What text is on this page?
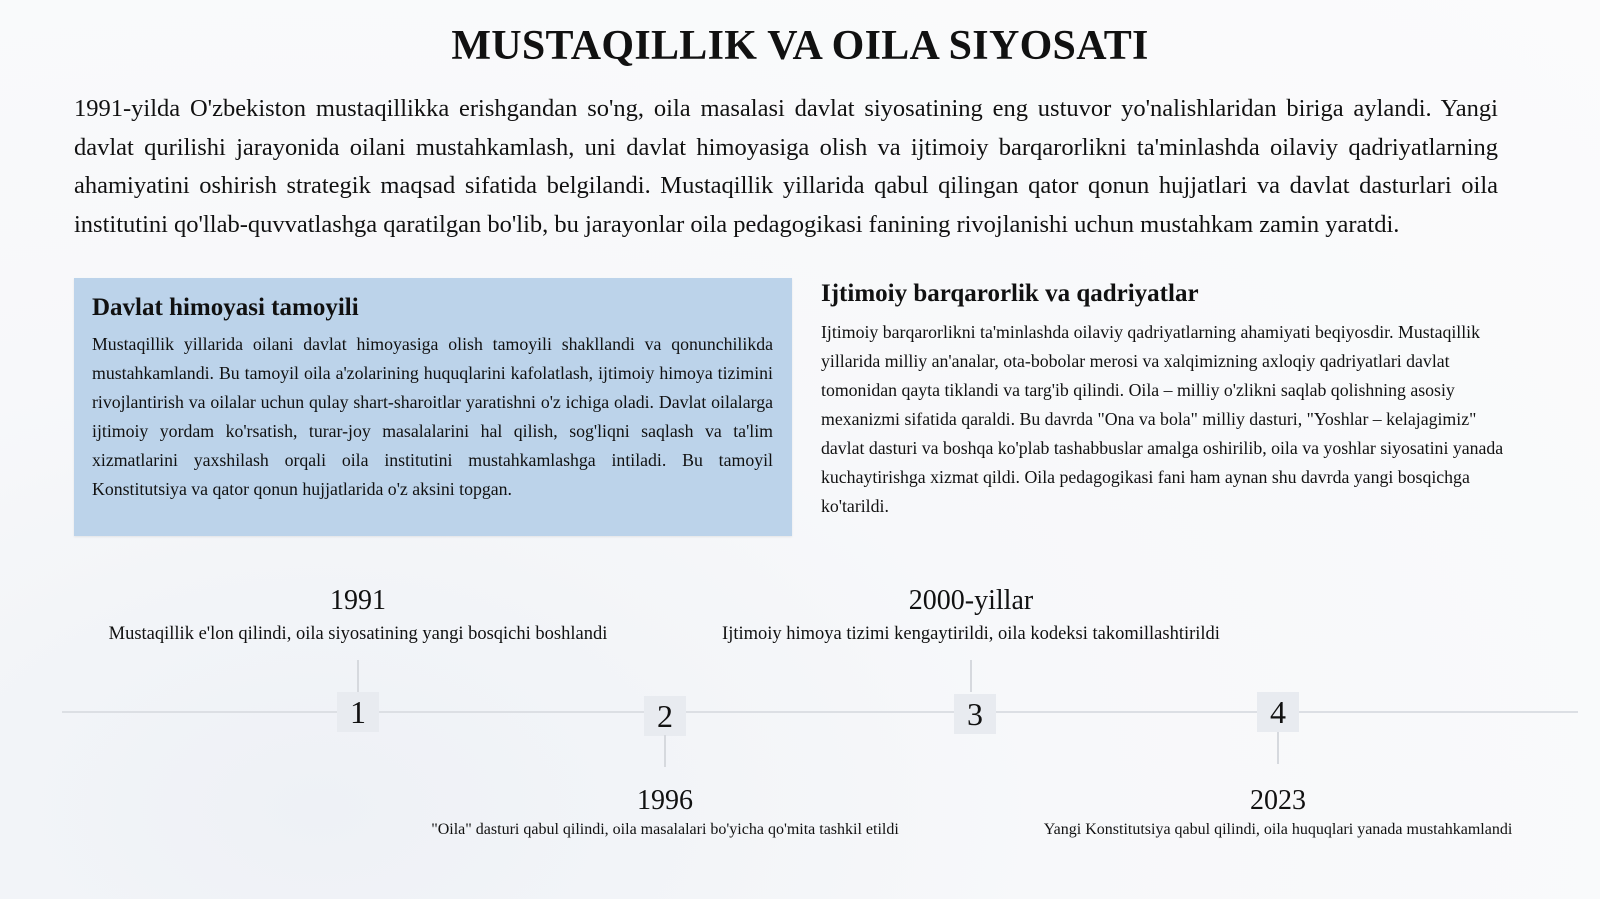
MUSTAQILLIK VA OILA SIYOSATI

1991-yilda O'zbekiston mustaqillikka erishgandan so'ng, oila masalasi davlat siyosatining eng ustuvor yo'nalishlaridan biriga aylandi. Yangi davlat qurilishi jarayonida oilani mustahkamlash, uni davlat himoyasiga olish va ijtimoiy barqarorlikni ta'minlashda oilaviy qadriyatlarning ahamiyatini oshirish strategik maqsad sifatida belgilandi. Mustaqillik yillarida qabul qilingan qator qonun hujjatlari va davlat dasturlari oila institutini qo'llab-quvvatlashga qaratilgan bo'lib, bu jarayonlar oila pedagogikasi fanining rivojlanishi uchun mustahkam zamin yaratdi.

Davlat himoyasi tamoyili

Mustaqillik yillarida oilani davlat himoyasiga olish tamoyili shakllandi va qonunchilikda mustahkamlandi. Bu tamoyil oila a'zolarining huquqlarini kafolatlash, ijtimoiy himoya tizimini rivojlantirish va oilalar uchun qulay shart-sharoitlar yaratishni o'z ichiga oladi. Davlat oilalarga ijtimoiy yordam ko'rsatish, turar-joy masalalarini hal qilish, sog'liqni saqlash va ta'lim xizmatlarini yaxshilash orqali oila institutini mustahkamlashga intiladi. Bu tamoyil Konstitutsiya va qator qonun hujjatlarida o'z aksini topgan.

Ijtimoiy barqarorlik va qadriyatlar

Ijtimoiy barqarorlikni ta'minlashda oilaviy qadriyatlarning ahamiyati beqiyosdir. Mustaqillik yillarida milliy an'analar, ota-bobolar merosi va xalqimizning axloqiy qadriyatlari davlat tomonidan qayta tiklandi va targ'ib qilindi. Oila – milliy o'zlikni saqlab qolishning asosiy mexanizmi sifatida qaraldi. Bu davrda "Ona va bola" milliy dasturi, "Yoshlar – kelajagimiz" davlat dasturi va boshqa ko'plab tashabbuslar amalga oshirilib, oila va yoshlar siyosatini yanada kuchaytirishga xizmat qildi. Oila pedagogikasi fani ham aynan shu davrda yangi bosqichga ko'tarildi.

1991
Mustaqillik e'lon qilindi, oila siyosatining yangi bosqichi boshlandi
1	2
1996
"Oila" dasturi qabul qilindi, oila masalalari bo'yicha qo'mita tashkil etildi
2000-yillar
Ijtimoiy himoya tizimi kengaytirildi, oila kodeksi takomillashtirildi
3	4
2023
Yangi Konstitutsiya qabul qilindi, oila huquqlari yanada mustahkamlandi
